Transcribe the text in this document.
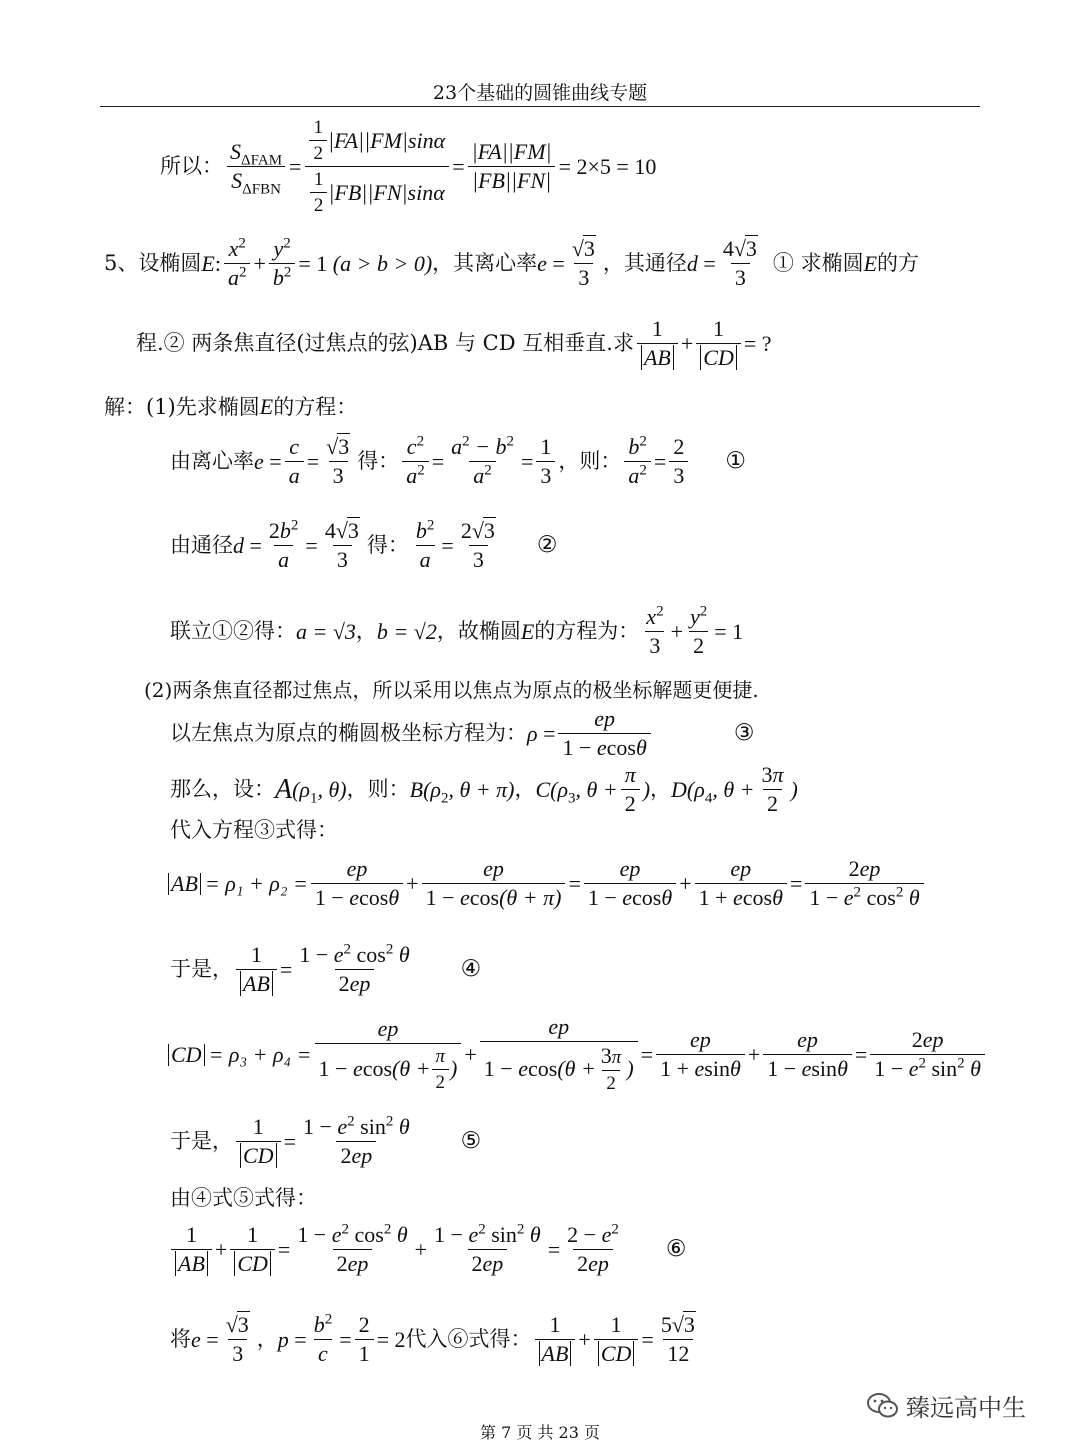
23个基础的圆锥曲线专题
所以： $\frac{S_{\Delta FAM}}{S_{\Delta FBN}} = \frac{\frac{1}{2} |FA||FM|\sin\alpha}{\frac{1}{2} |FB||FN|\sin\alpha} = \frac{|FA||FM|}{|FB||FN|} = 2\times 5 = 10$
5、 设椭圆 E : $\frac{x^2}{a^2} + \frac{y^2}{b^2} = 1$ (a > b > 0) ，其离心率 $e = \frac{√3}{3}$ ，其通径 $d = \frac{4√3}{3}$ ① 求椭圆 E 的方
程.② 两条焦直径(过焦点的弦)AB 与 CD 互相垂直.求 $\frac{1}{AB} + \frac{1}{CD}$ = ?
解：(1)先求椭圆 E 的方程：
由离心率 $e = \frac{c}{a} = \frac{√3}{3}$ 得： $\frac{c^2}{a^2} = \frac{a^2 - b^2}{a^2} = \frac{1}{3}$ ，则： $\frac{b^2}{a^2} = \frac{2}{3}$ ①
由通径 $d = \frac{2b^2}{a} = \frac{4√3}{3}$ 得： $\frac{b^2}{a} = \frac{2√3}{3}$ ②
联立①②得： a = √3 ， b = √2 ，故椭圆 E 的方程为： $\frac{x^2}{3} + \frac{y^2}{2} = 1$
(2)两条焦直径都过焦点，所以采用以焦点为原点的极坐标解题更便捷.
以左焦点为原点的椭圆极坐标方程为： $\rho = \frac{ep}{1 - ecos\theta}$	③
那么，设： A ($\rho_1$, θ) ，则： $B(\rho_2$, θ + π) ， $C(\rho_3$, $\theta + \frac{\pi}{2}$ ) ， $D(\rho_4$, $\theta + \frac{3\pi}{2}$ )
代入方程③式得：
AB = $\rho_1 + \rho_2 = \frac{ep}{1 - ecos\theta} + \frac{ep}{1 - ecos(\theta + \pi)} = \frac{ep}{1 - ecos\theta} + \frac{ep}{1 + ecos\theta} = \frac{2ep}{1 - e^2 \cos^2 \theta}$
于是， $\frac{1}{AB} = \frac{1 - e^2 \cos^2 \theta}{2ep}$ ④
CD = $\rho_3 + \rho_4 = \frac{ep}{1 - e \cos (\theta + \frac{\pi}{2} )} + \frac{ep}{1 - e \cos (\theta + \frac{3\pi}{2} )} = \frac{ep}{1 + esin\theta} + \frac{ep}{1 - esin\theta} = \frac{2ep}{1 - e^2 \sin^2 \theta}$
于是， $\frac{1}{CD} = \frac{1 - e^2 \sin^2 \theta}{2ep}$ ⑤
由④式⑤式得：
$\frac{1}{AB} + \frac{1}{CD} = \frac{1 - e^2 \cos^2 \theta}{2ep} + \frac{1 - e^2 \sin^2 \theta}{2ep} = \frac{2 - e^2}{2ep}$ ⑥
将 $e = \frac{√3}{3}$ ， $p = \frac{b^2}{c} = \frac{2}{1} = 2$ 代入⑥式得： $\frac{1}{AB} + \frac{1}{CD} = \frac{5√3}{12}$
臻远高中生
第 7 页 共 23 页
